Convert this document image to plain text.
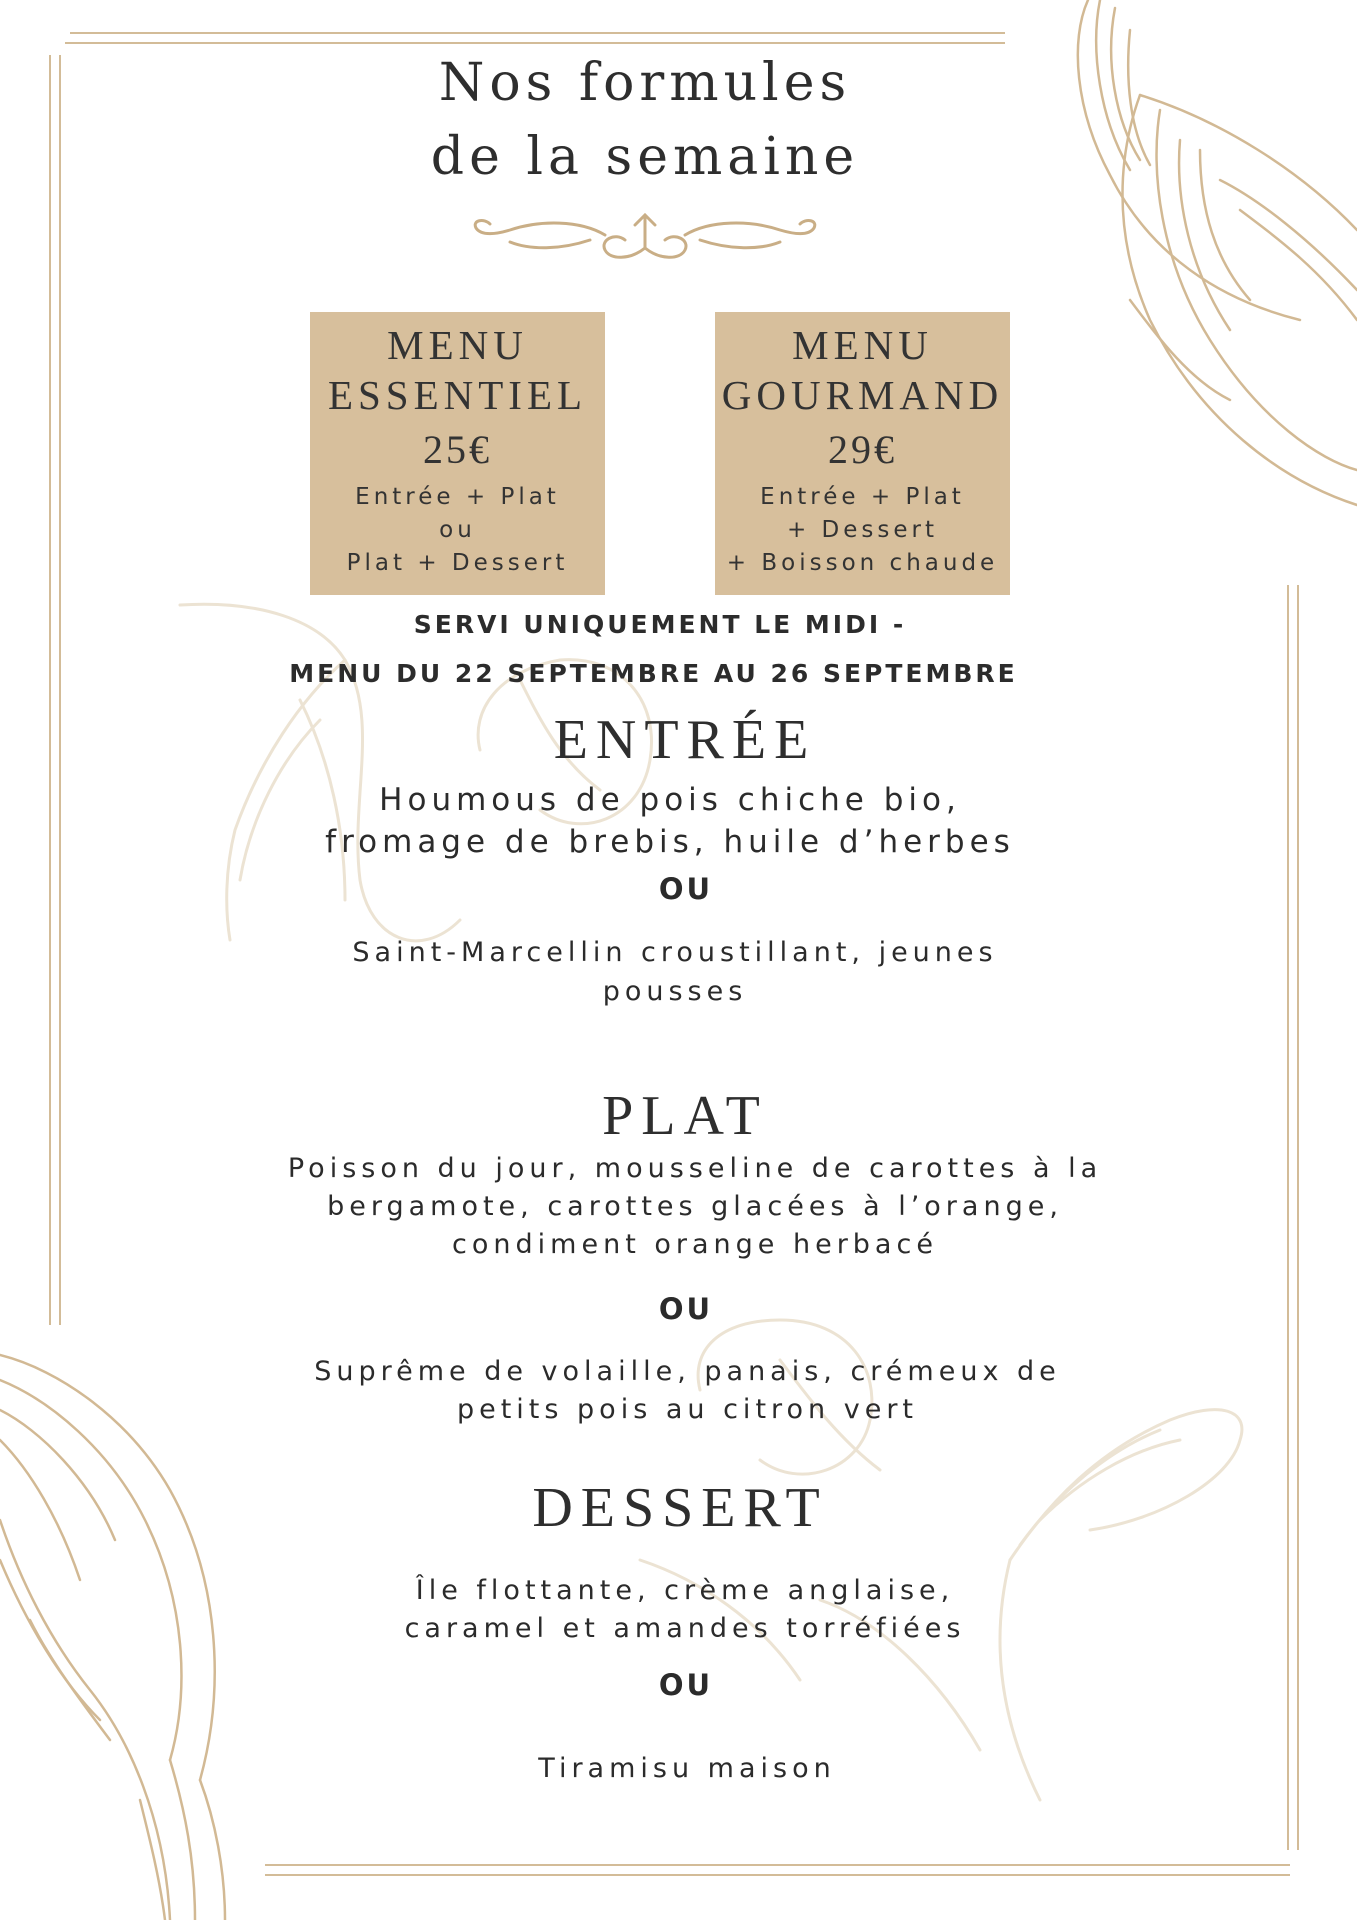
Nos formules
de la semaine
MENU
ESSENTIEL
25€
Entrée + Plat
ou
Plat + Dessert
MENU
GOURMAND
29€
Entrée + Plat
+ Dessert
+ Boisson chaude
SERVI UNIQUEMENT LE MIDI -
MENU DU 22 SEPTEMBRE AU 26 SEPTEMBRE
ENTRÉE
Houmous de pois chiche bio,
fromage de brebis, huile d’herbes
OU
Saint-Marcellin croustillant, jeunes
pousses
PLAT
Poisson du jour, mousseline de carottes à la
bergamote, carottes glacées à l’orange,
condiment orange herbacé
OU
Suprême de volaille, panais, crémeux de
petits pois au citron vert
DESSERT
Île flottante, crème anglaise,
caramel et amandes torréfiées
OU
Tiramisu maison
